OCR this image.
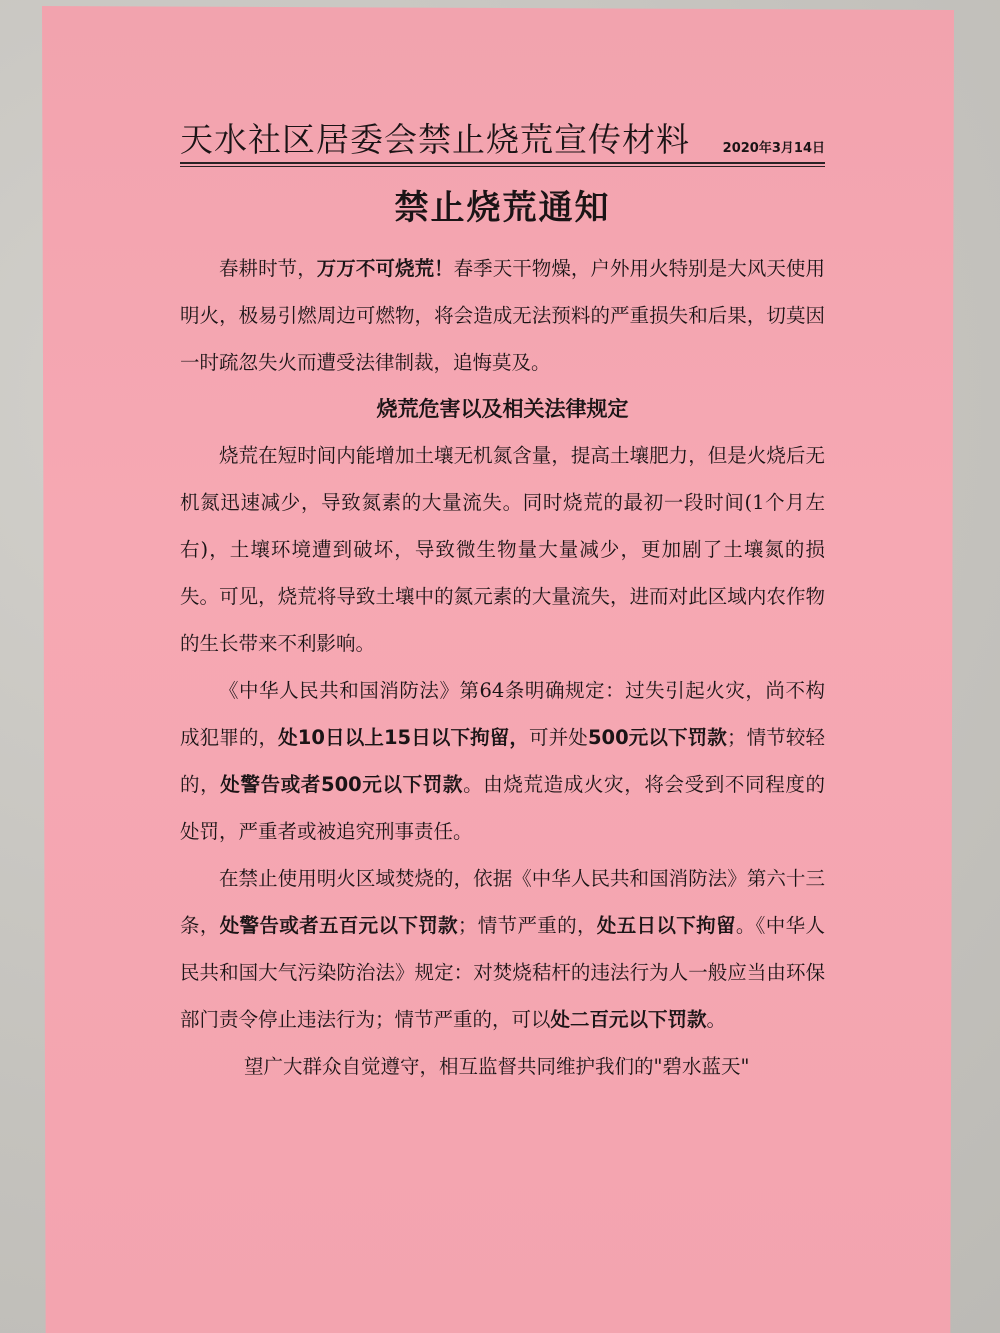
天水社区居委会禁止烧荒宣传材料	2020年3月14日
禁止烧荒通知

春耕时节，万万不可烧荒！春季天干物燥，户外用火特别是大风天使用明火，极易引燃周边可燃物，将会造成无法预料的严重损失和后果，切莫因一时疏忽失火而遭受法律制裁，追悔莫及。

烧荒危害以及相关法律规定

烧荒在短时间内能增加土壤无机氮含量，提高土壤肥力，但是火烧后无机氮迅速减少，导致氮素的大量流失。同时烧荒的最初一段时间(1个月左右)，土壤环境遭到破坏，导致微生物量大量减少，更加剧了土壤氮的损失。可见，烧荒将导致土壤中的氮元素的大量流失，进而对此区域内农作物的生长带来不利影响。

《中华人民共和国消防法》第64条明确规定：过失引起火灾，尚不构成犯罪的，处10日以上15日以下拘留，可并处500元以下罚款；情节较轻的，处警告或者500元以下罚款。由烧荒造成火灾，将会受到不同程度的处罚，严重者或被追究刑事责任。

在禁止使用明火区域焚烧的，依据《中华人民共和国消防法》第六十三条，处警告或者五百元以下罚款；情节严重的，处五日以下拘留。《中华人民共和国大气污染防治法》规定：对焚烧秸杆的违法行为人一般应当由环保部门责令停止违法行为；情节严重的，可以处二百元以下罚款。

望广大群众自觉遵守，相互监督共同维护我们的"碧水蓝天"
